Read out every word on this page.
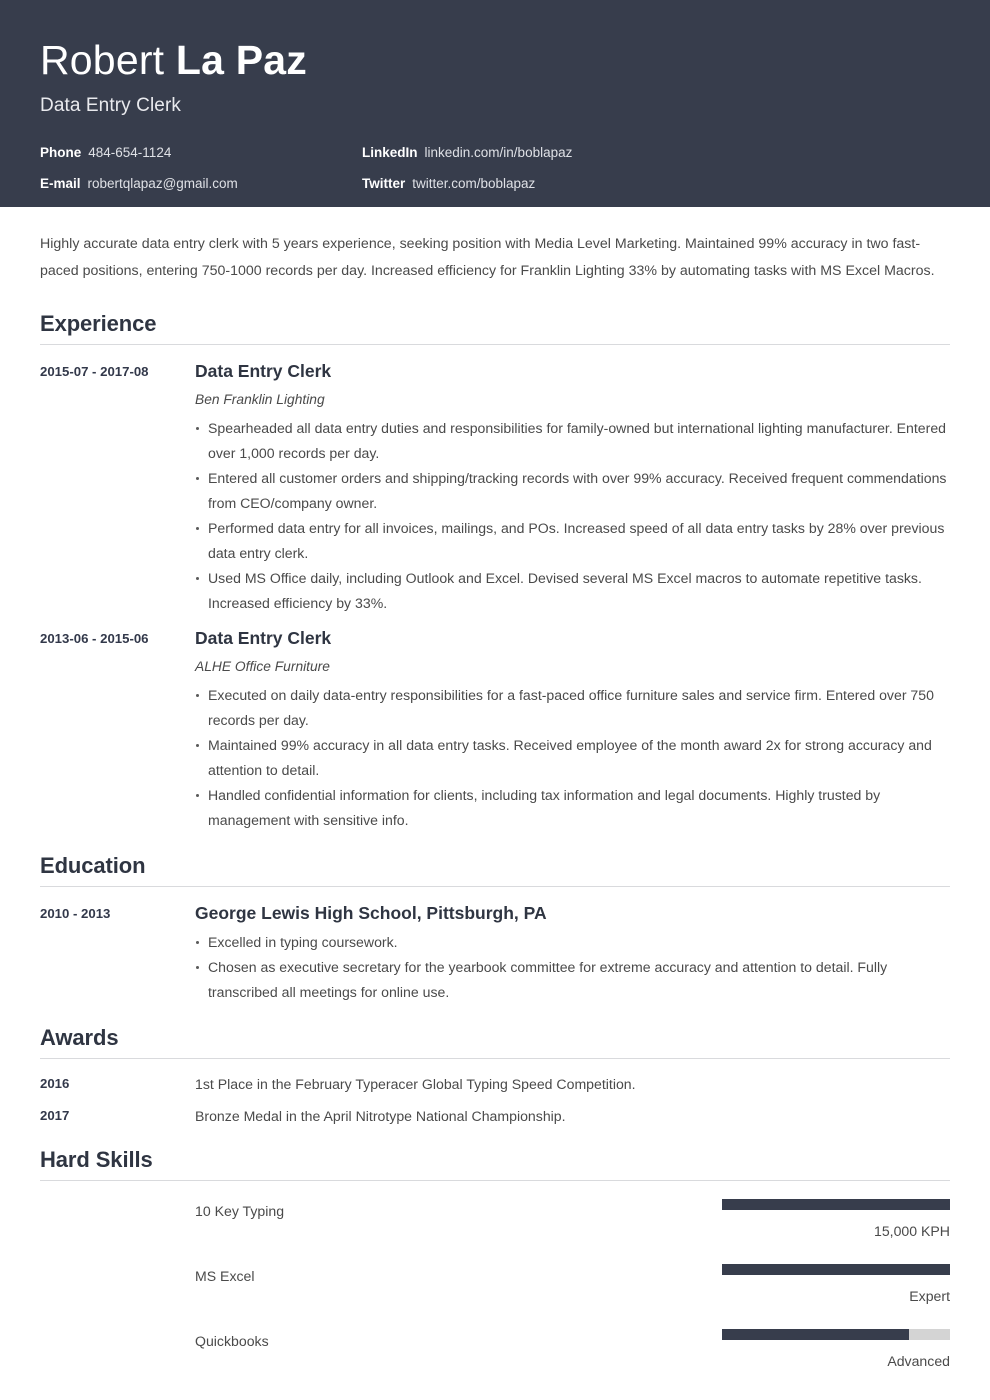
Robert La Paz
Data Entry Clerk
Phone 484-654-1124	LinkedIn linkedin.com/in/boblapaz
E-mail robertqlapaz@gmail.com	Twitter twitter.com/boblapaz
Highly accurate data entry clerk with 5 years experience, seeking position with Media Level Marketing. Maintained 99% accuracy in two fast-paced positions, entering 750-1000 records per day. Increased efficiency for Franklin Lighting 33% by automating tasks with MS Excel Macros.
Experience
2015-07 - 2017-08	Data Entry Clerk
Ben Franklin Lighting
Spearheaded all data entry duties and responsibilities for family-owned but international lighting manufacturer. Entered over 1,000 records per day.
Entered all customer orders and shipping/tracking records with over 99% accuracy. Received frequent commendations from CEO/company owner.
Performed data entry for all invoices, mailings, and POs. Increased speed of all data entry tasks by 28% over previous data entry clerk.
Used MS Office daily, including Outlook and Excel. Devised several MS Excel macros to automate repetitive tasks. Increased efficiency by 33%.
2013-06 - 2015-06	Data Entry Clerk
ALHE Office Furniture
Executed on daily data-entry responsibilities for a fast-paced office furniture sales and service firm. Entered over 750 records per day.
Maintained 99% accuracy in all data entry tasks. Received employee of the month award 2x for strong accuracy and attention to detail.
Handled confidential information for clients, including tax information and legal documents. Highly trusted by management with sensitive info.
Education
2010 - 2013	George Lewis High School, Pittsburgh, PA
Excelled in typing coursework.
Chosen as executive secretary for the yearbook committee for extreme accuracy and attention to detail. Fully transcribed all meetings for online use.
Awards
2016	1st Place in the February Typeracer Global Typing Speed Competition.
2017	Bronze Medal in the April Nitrotype National Championship.
Hard Skills
10 Key Typing
15,000 KPH
MS Excel
Expert
Quickbooks
Advanced
